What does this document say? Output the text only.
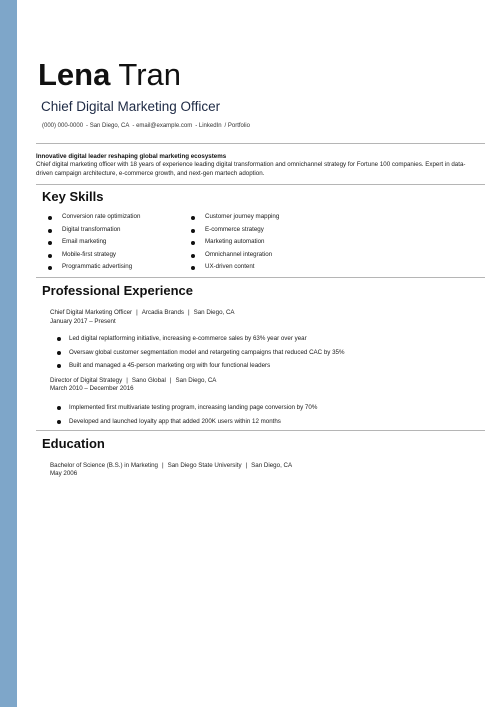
Lena Tran
Chief Digital Marketing Officer
(000) 000-0000 - San Diego, CA - email@example.com - LinkedIn / Portfolio
Innovative digital leader reshaping global marketing ecosystems
Chief digital marketing officer with 18 years of experience leading digital transformation and omnichannel strategy for Fortune 100 companies. Expert in data-driven campaign architecture, e-commerce growth, and next-gen martech adoption.
Key Skills
Conversion rate optimization
Digital transformation
Email marketing
Mobile-first strategy
Programmatic advertising
Customer journey mapping
E-commerce strategy
Marketing automation
Omnichannel integration
UX-driven content
Professional Experience
Chief Digital Marketing Officer | Arcadia Brands | San Diego, CA
January 2017 – Present
Led digital replatforming initiative, increasing e-commerce sales by 63% year over year
Oversaw global customer segmentation model and retargeting campaigns that reduced CAC by 35%
Built and managed a 45-person marketing org with four functional leaders
Director of Digital Strategy | Sano Global | San Diego, CA
March 2010 – December 2016
Implemented first multivariate testing program, increasing landing page conversion by 70%
Developed and launched loyalty app that added 200K users within 12 months
Education
Bachelor of Science (B.S.) in Marketing | San Diego State University | San Diego, CA
May 2006
